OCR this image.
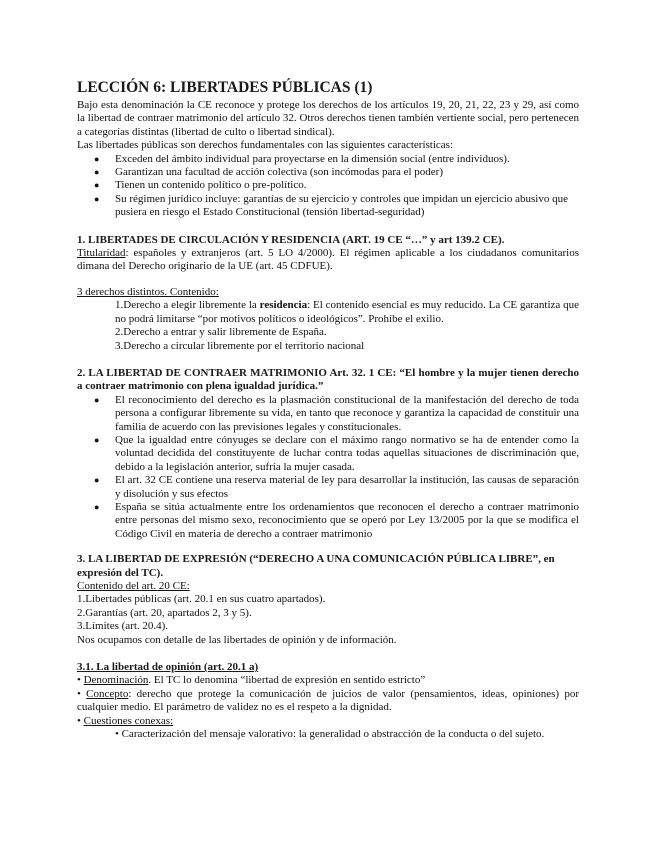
LECCIÓN 6: LIBERTADES PÚBLICAS (1)

Bajo esta denominación la CE reconoce y protege los derechos de los artículos 19, 20, 21, 22, 23 y 29, así como la libertad de contraer matrimonio del artículo 32. Otros derechos tienen también vertiente social, pero pertenecen a categorías distintas (libertad de culto o libertad sindical).

Las libertades públicas son derechos fundamentales con las siguientes características:

● Exceden del ámbito individual para proyectarse en la dimensión social (entre individuos).
● Garantizan una facultad de acción colectiva (son incómodas para el poder)
● Tienen un contenido político o pre-político.
● Su régimen jurídico incluye: garantías de su ejercicio y controles que impidan un ejercicio abusivo que pusiera en riesgo el Estado Constitucional (tensión libertad-seguridad)
1. LIBERTADES DE CIRCULACIÓN Y RESIDENCIA (ART. 19 CE “…” y art 139.2 CE).

Titularidad: españoles y extranjeros (art. 5 LO 4/2000). El régimen aplicable a los ciudadanos comunitarios dimana del Derecho originario de la UE (art. 45 CDFUE).

3 derechos distintos. Contenido:

1.Derecho a elegir libremente la residencia: El contenido esencial es muy reducido. La CE garantiza que no podrá limitarse “por motivos políticos o ideológicos”. Prohíbe el exilio.

2.Derecho a entrar y salir libremente de España.

3.Derecho a circular libremente por el territorio nacional

2. LA LIBERTAD DE CONTRAER MATRIMONIO Art. 32. 1 CE: “El hombre y la mujer tienen derecho a contraer matrimonio con plena igualdad jurídica.”
● El reconocimiento del derecho es la plasmación constitucional de la manifestación del derecho de toda persona a configurar libremente su vida, en tanto que reconoce y garantiza la capacidad de constituir una familia de acuerdo con las previsiones legales y constitucionales.
● Que la igualdad entre cónyuges se declare con el máximo rango normativo se ha de entender como la voluntad decidida del constituyente de luchar contra todas aquellas situaciones de discriminación que, debido a la legislación anterior, sufría la mujer casada.
● El art. 32 CE contiene una reserva material de ley para desarrollar la institución, las causas de separación y disolución y sus efectos
● España se sitúa actualmente entre los ordenamientos que reconocen el derecho a contraer matrimonio entre personas del mismo sexo, reconocimiento que se operó por Ley 13/2005 por la que se modifica el Código Civil en materia de derecho a contraer matrimonio
3. LA LIBERTAD DE EXPRESIÓN (“DERECHO A UNA COMUNICACIÓN PÚBLICA LIBRE”, en expresión del TC).

Contenido del art. 20 CE:

1.Libertades públicas (art. 20.1 en sus cuatro apartados).

2.Garantías (art. 20, apartados 2, 3 y 5).

3.Límites (art. 20.4).

Nos ocupamos con detalle de las libertades de opinión y de información.

3.1. La libertad de opinión (art. 20.1 a)

• Denominación. El TC lo denomina “libertad de expresión en sentido estricto”

• Concepto: derecho que protege la comunicación de juicios de valor (pensamientos, ideas, opiniones) por cualquier medio. El parámetro de validez no es el respeto a la dignidad.

• Cuestiones conexas:

• Caracterización del mensaje valorativo: la generalidad o abstracción de la conducta o del sujeto.
